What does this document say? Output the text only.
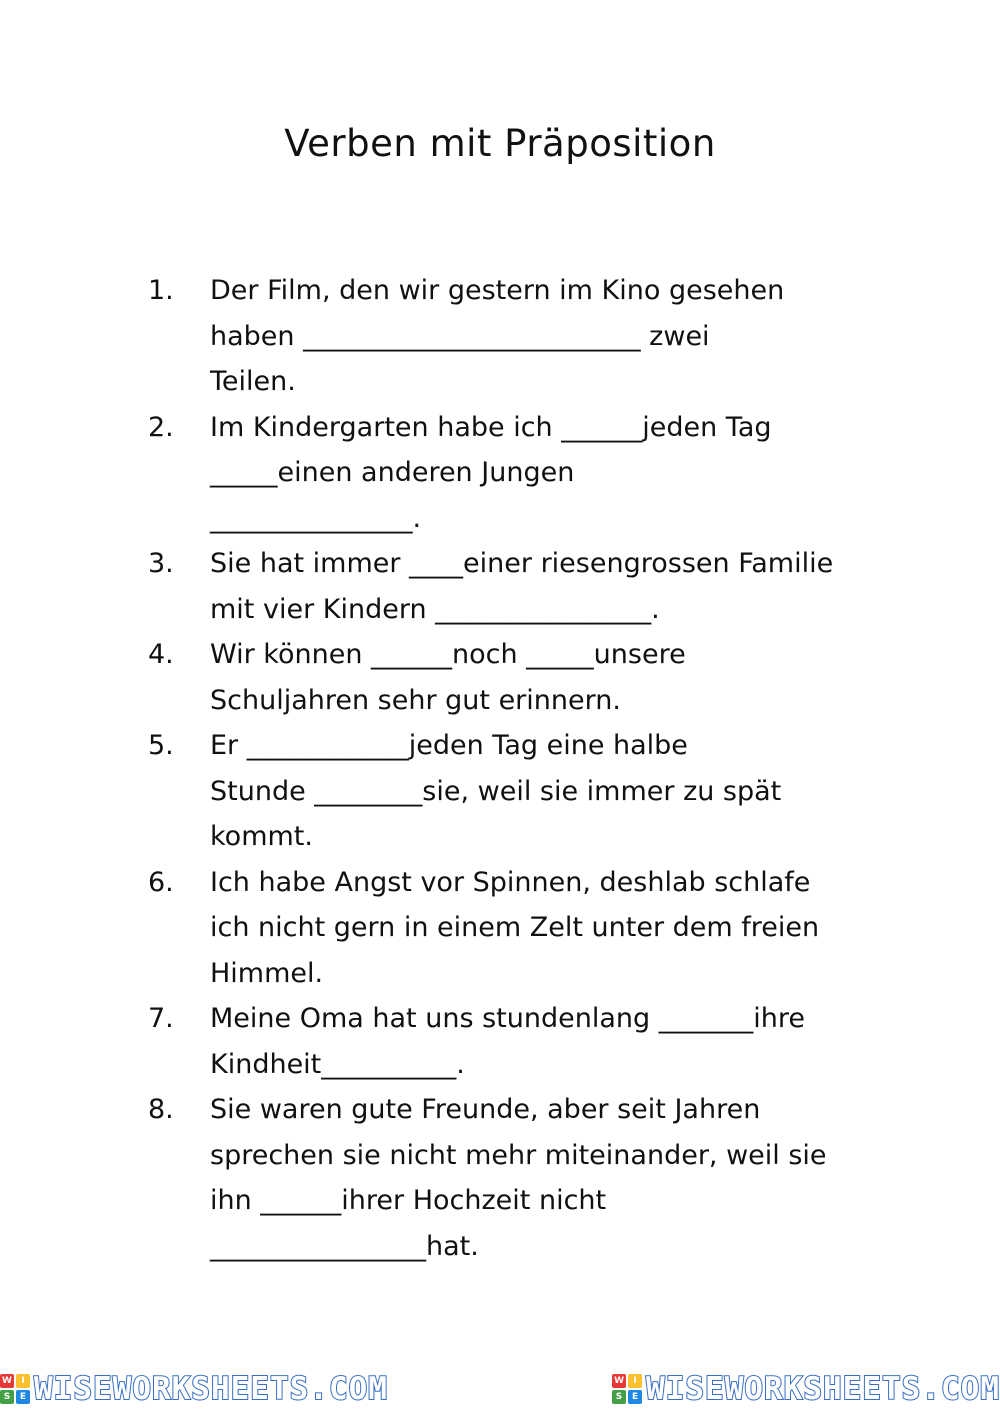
Verben mit Präposition
1. Der Film, den wir gestern im Kino gesehen
haben _________________________ zwei
Teilen.
2. Im Kindergarten habe ich ______jeden Tag
_____einen anderen Jungen
_______________.
3. Sie hat immer ____einer riesengrossen Familie
mit vier Kindern ________________.
4. Wir können ______noch _____unsere
Schuljahren sehr gut erinnern.
5. Er ____________jeden Tag eine halbe
Stunde ________sie, weil sie immer zu spät
kommt.
6. Ich habe Angst vor Spinnen, deshlab schlafe
ich nicht gern in einem Zelt unter dem freien
Himmel.
7. Meine Oma hat uns stundenlang _______ihre
Kindheit__________.
8. Sie waren gute Freunde, aber seit Jahren
sprechen sie nicht mehr miteinander, weil sie
ihn ______ihrer Hochzeit nicht
________________hat.
W	I
S	E WISEWORKSHEETS.COM	W	I
S	E WISEWORKSHEETS.COM
